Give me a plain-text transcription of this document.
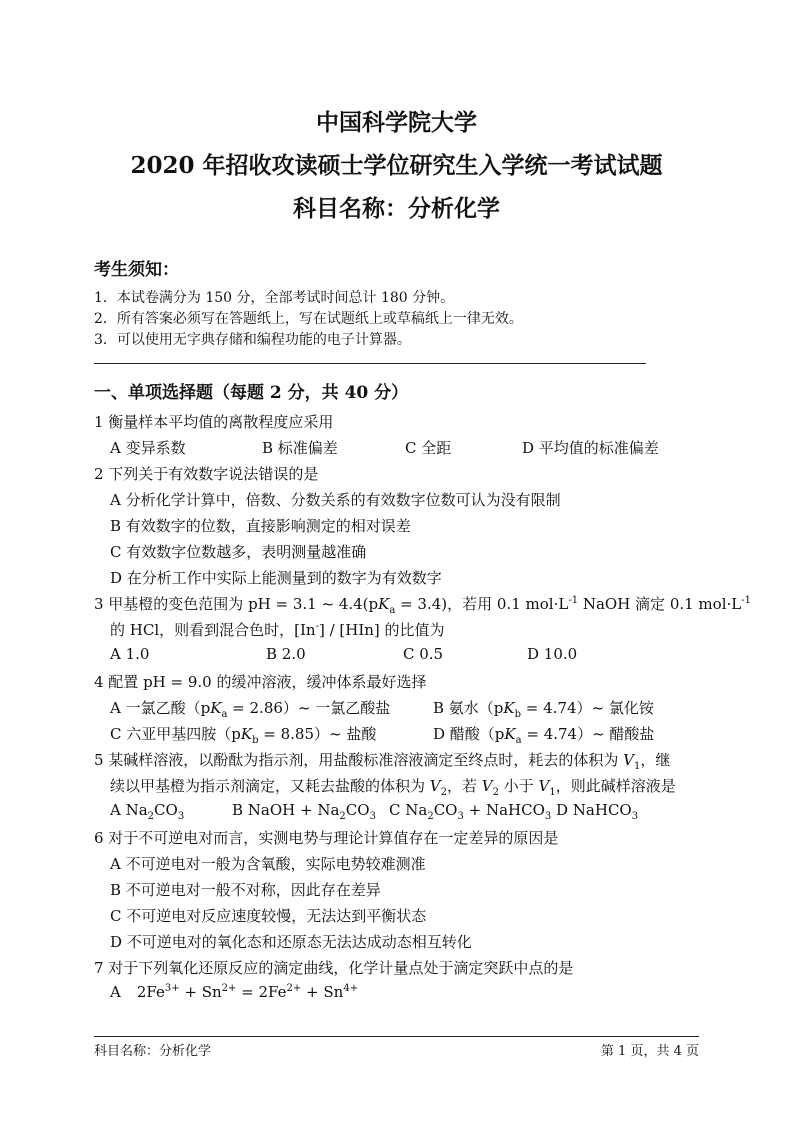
中国科学院大学
2020 年招收攻读硕士学位研究生入学统一考试试题
科目名称：分析化学
考生须知：
1．本试卷满分为 150 分，全部考试时间总计 180 分钟。
2．所有答案必须写在答题纸上，写在试题纸上或草稿纸上一律无效。
3．可以使用无字典存储和编程功能的电子计算器。
一、单项选择题（每题 2 分，共 40 分）
1 衡量样本平均值的离散程度应采用
A 变异系数	B 标准偏差	C 全距	D 平均值的标准偏差
2 下列关于有效数字说法错误的是
A 分析化学计算中，倍数、分数关系的有效数字位数可认为没有限制
B 有效数字的位数，直接影响测定的相对误差
C 有效数字位数越多，表明测量越准确
D 在分析工作中实际上能测量到的数字为有效数字
3 甲基橙的变色范围为 pH = 3.1 ~ $4.4(pK_a = 3.4)$，若用 0.1 $mol\cdot L^{-1}$ NaOH 滴定 0.1 $mol\cdot L^{-1}$
的 HCl，则看到混合色时，[In-] / [HIn] 的比值为
A 1.0	B 2.0	C 0.5	D 10.0
4 配置 pH = 9.0 的缓冲溶液，缓冲体系最好选择
A 一氯乙酸（$pK_a$ = 2.86）~ 一氯乙酸盐	B 氨水（$pK_b$ = 4.74）~ 氯化铵
C 六亚甲基四胺（$pK_b$ = 8.85）~ 盐酸	D 醋酸（$pK_a$ = 4.74）~ 醋酸盐
5 某碱样溶液，以酚酞为指示剂，用盐酸标准溶液滴定至终点时，耗去的体积为 $V_1$，继
续以甲基橙为指示剂滴定，又耗去盐酸的体积为 $V_2$，若 $V_2$ 小于 $V_1$，则此碱样溶液是
A $Na_2CO_3$	B NaOH + $Na_2CO_3$ C $Na_2CO_3$ + NaHCO$_3$ D NaHCO$_3$
6 对于不可逆电对而言，实测电势与理论计算值存在一定差异的原因是
A 不可逆电对一般为含氧酸，实际电势较难测准
B 不可逆电对一般不对称，因此存在差异
C 不可逆电对反应速度较慢，无法达到平衡状态
D 不可逆电对的氧化态和还原态无法达成动态相互转化
7 对于下列氧化还原反应的滴定曲线，化学计量点处于滴定突跃中点的是
A $2Fe^{3+} + Sn^{2+} = 2Fe^{2+} + Sn^{4+}$
科目名称：分析化学	第 1 页，共 4 页
